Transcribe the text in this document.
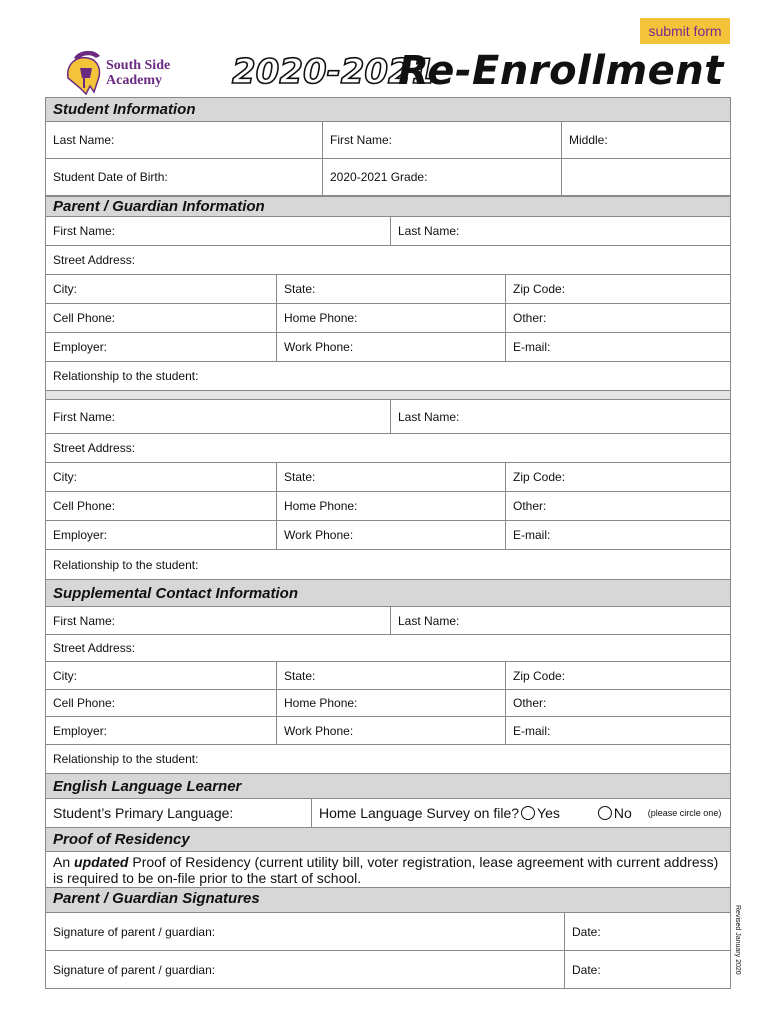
submit form
South Side
Academy 2020-2021
Re-Enrollment
Student Information
Last Name:	First Name:	Middle:
Student Date of Birth:	2020-2021 Grade:
Parent / Guardian Information
First Name:	Last Name:
Street Address:
City:	State:	Zip Code:
Cell Phone:	Home Phone:	Other:
Employer:	Work Phone:	E-mail:
Relationship to the student:
First Name:	Last Name:
Street Address:
City:	State:	Zip Code:
Cell Phone:	Home Phone:	Other:
Employer:	Work Phone:	E-mail:
Relationship to the student:
Supplemental Contact Information
First Name:	Last Name:
Street Address:
City:	State:	Zip Code:
Cell Phone:	Home Phone:	Other:
Employer:	Work Phone:	E-mail:
Relationship to the student:
English Language Learner
Student’s Primary Language:	Home Language Survey on file? Yes	No (please circle one)
Proof of Residency
An updated Proof of Residency (current utility bill, voter registration, lease agreement with current address) is required to be on-file prior to the start of school.
Parent / Guardian Signatures
Signature of parent / guardian:	Date:
Signature of parent / guardian:	Date:	Revised January 2020
